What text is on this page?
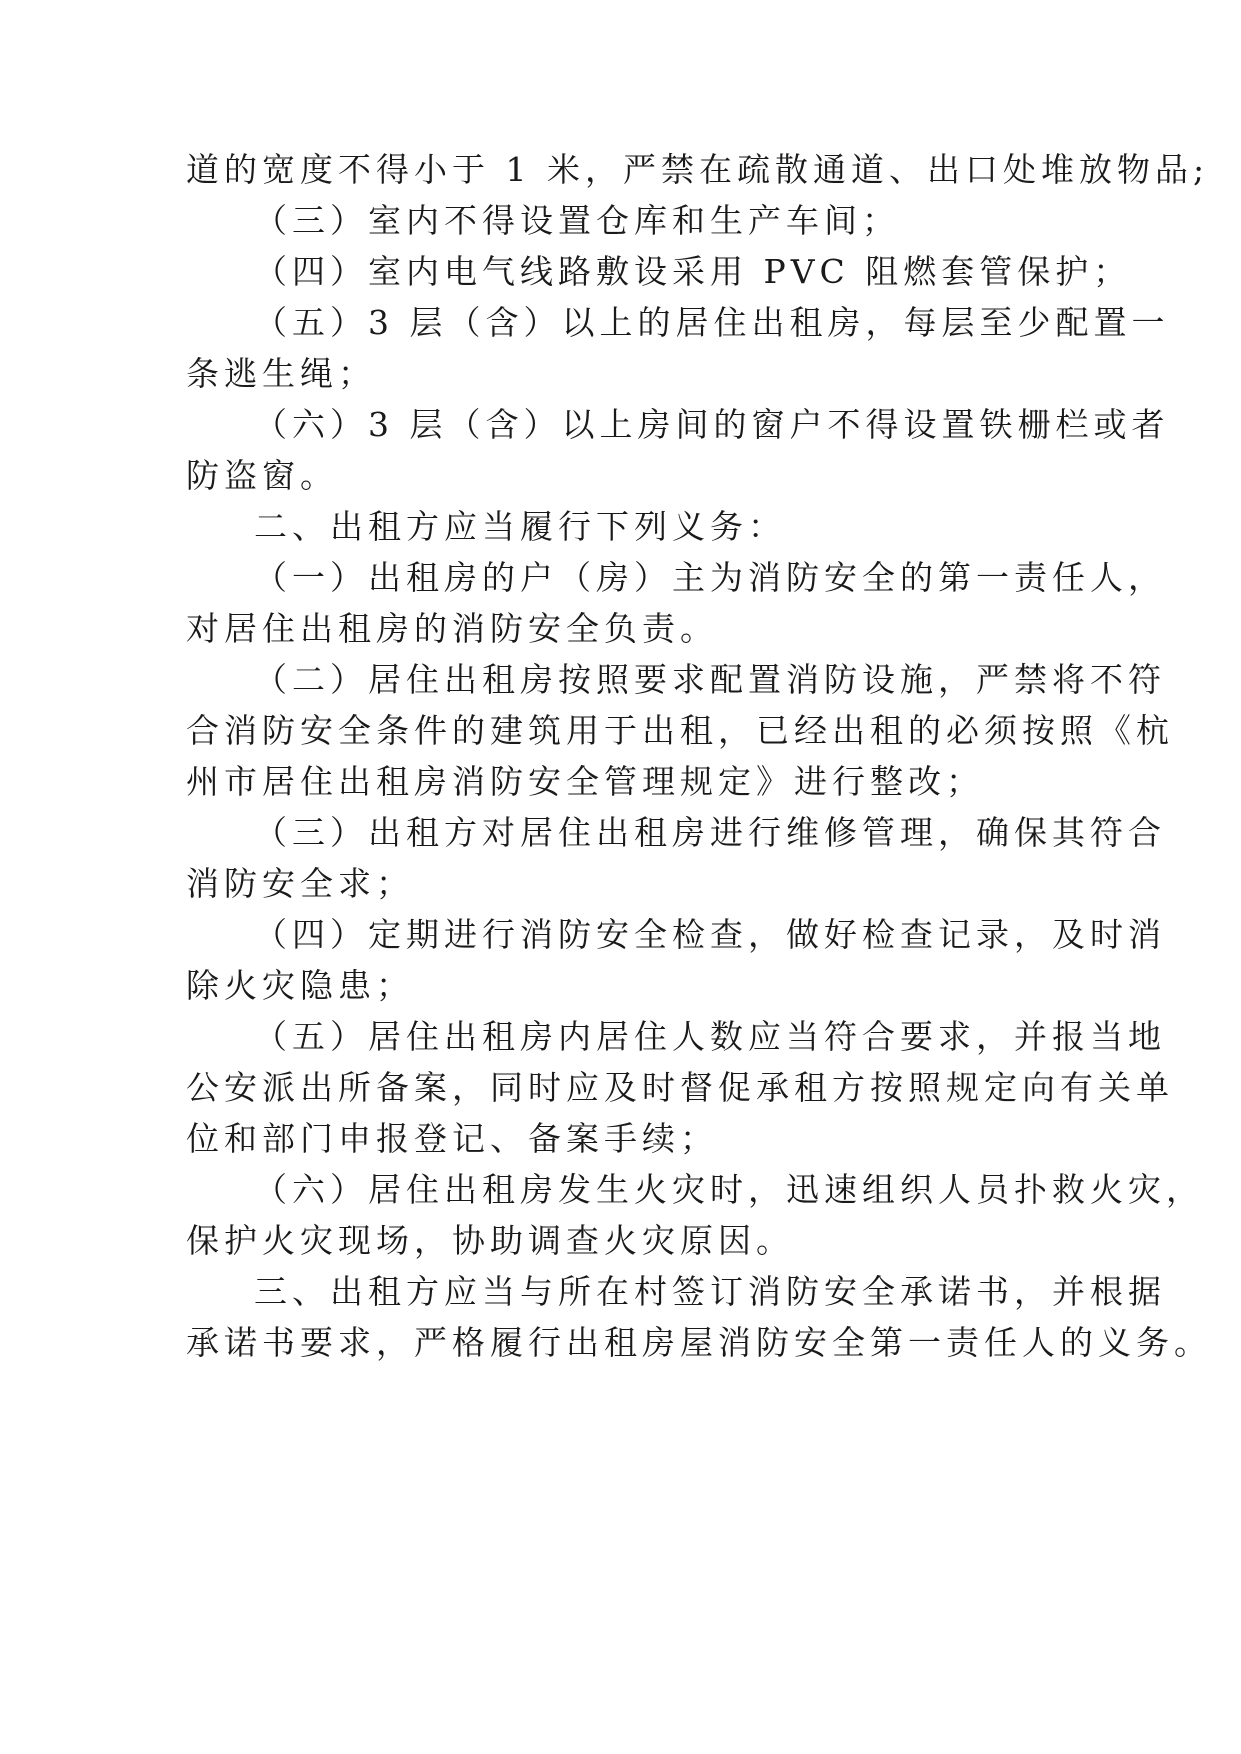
道的宽度不得小于 1 米，严禁在疏散通道、出口处堆放物品;
（三）室内不得设置仓库和生产车间；
（四）室内电气线路敷设采用 PVC 阻燃套管保护；
（五）3 层（含）以上的居住出租房，每层至少配置一
条逃生绳；
（六）3 层（含）以上房间的窗户不得设置铁栅栏或者
防盗窗。
二、出租方应当履行下列义务：
（一）出租房的户（房）主为消防安全的第一责任人，
对居住出租房的消防安全负责。
（二）居住出租房按照要求配置消防设施，严禁将不符
合消防安全条件的建筑用于出租，已经出租的必须按照《杭
州市居住出租房消防安全管理规定》进行整改；
（三）出租方对居住出租房进行维修管理，确保其符合
消防安全求；
（四）定期进行消防安全检查，做好检查记录，及时消
除火灾隐患；
（五）居住出租房内居住人数应当符合要求，并报当地
公安派出所备案，同时应及时督促承租方按照规定向有关单
位和部门申报登记、备案手续；
（六）居住出租房发生火灾时，迅速组织人员扑救火灾，
保护火灾现场，协助调查火灾原因。
三、出租方应当与所在村签订消防安全承诺书，并根据
承诺书要求，严格履行出租房屋消防安全第一责任人的义务。
